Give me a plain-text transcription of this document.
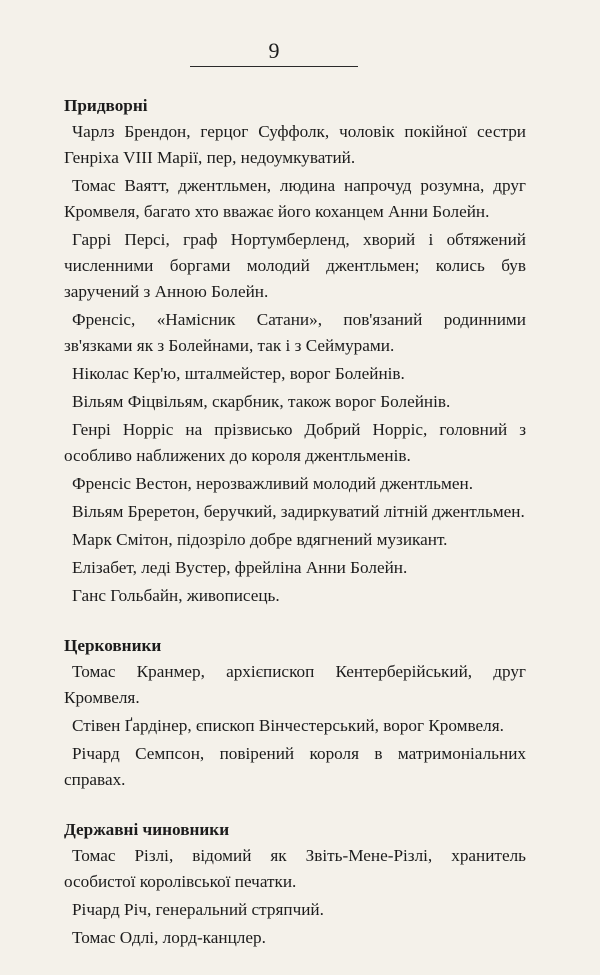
9

Придворні

Чарлз Брендон, герцог Суффолк, чоловік покійної сестри Генріха VIII Марії, пер, недоумкуватий.

Томас Ваятт, джентльмен, людина напрочуд розумна, друг Кромвеля, багато хто вважає його коханцем Анни Болейн.

Гаррі Персі, граф Нортумберленд, хворий і обтяжений численними боргами молодий джентльмен; колись був заручений з Анною Болейн.

Френсіс, «Намісник Сатани», пов'язаний родинними зв'язками як з Болейнами, так і з Сеймурами.

Ніколас Кер'ю, шталмейстер, ворог Болейнів.

Вільям Фіцвільям, скарбник, також ворог Болейнів.

Генрі Норріс на прізвисько Добрий Норріс, головний з особливо наближених до короля джентльменів.

Френсіс Вестон, нерозважливий молодий джентльмен.

Вільям Бреретон, беручкий, задиркуватий літній джентльмен.

Марк Смітон, підозріло добре вдягнений музикант.

Елізабет, леді Вустер, фрейліна Анни Болейн.

Ганс Гольбайн, живописець.

Церковники

Томас Кранмер, архієпископ Кентерберійський, друг Кромвеля.

Стівен Ґардінер, єпископ Вінчестерський, ворог Кромвеля.

Річард Семпсон, повірений короля в матримоніальних справах.

Державні чиновники

Томас Різлі, відомий як Звіть-Мене-Різлі, хранитель особистої королівської печатки.

Річард Річ, генеральний стряпчий.

Томас Одлі, лорд-канцлер.
